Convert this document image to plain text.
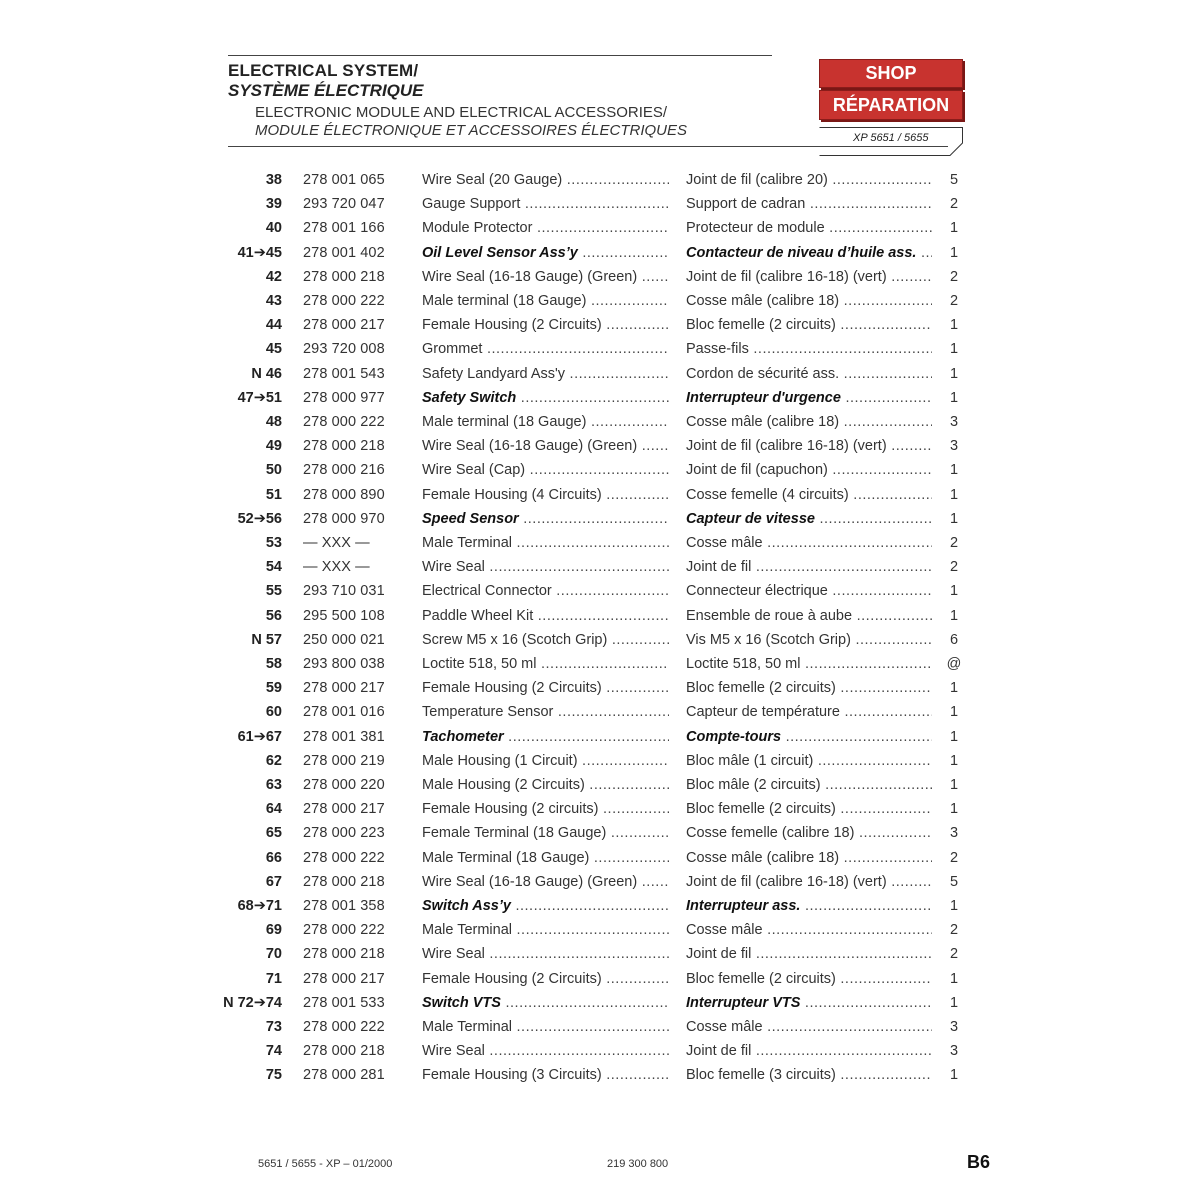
ELECTRICAL SYSTEM/
SYSTÈME ÉLECTRIQUE
ELECTRONIC MODULE AND ELECTRICAL ACCESSORIES/
MODULE ÉLECTRONIQUE ET ACCESSOIRES ÉLECTRIQUES
SHOP
RÉPARATION
XP 5651 / 5655
38 278 001 065	Wire Seal (20 Gauge) .....	Joint de fil (calibre 20) .....	5
39 293 720 047	Gauge Support .....	Support de cadran .....	2
40 278 001 166	Module Protector .....	Protecteur de module .....	1
41➔45 278 001 402	Oil Level Sensor Ass’y .....	Contacteur de niveau d’huile ass. .....	1
42 278 000 218	Wire Seal (16-18 Gauge) (Green) .....	Joint de fil (calibre 16-18) (vert) .....	2
43 278 000 222	Male terminal (18 Gauge) .....	Cosse mâle (calibre 18) .....	2
44 278 000 217	Female Housing (2 Circuits) .....	Bloc femelle (2 circuits) .....	1
45 293 720 008	Grommet .....	Passe-fils .....	1
N 46 278 001 543	Safety Landyard Ass'y .....	Cordon de sécurité ass. .....	1
47➔51 278 000 977	Safety Switch .....	Interrupteur d'urgence .....	1
48 278 000 222	Male terminal (18 Gauge) .....	Cosse mâle (calibre 18) .....	3
49 278 000 218	Wire Seal (16-18 Gauge) (Green) .....	Joint de fil (calibre 16-18) (vert) .....	3
50 278 000 216	Wire Seal (Cap) .....	Joint de fil (capuchon) .....	1
51 278 000 890	Female Housing (4 Circuits) .....	Cosse femelle (4 circuits) .....	1
52➔56 278 000 970	Speed Sensor .....	Capteur de vitesse .....	1
53 — XXX —	Male Terminal .....	Cosse mâle .....	2
54 — XXX —	Wire Seal .....	Joint de fil .....	2
55 293 710 031	Electrical Connector .....	Connecteur électrique .....	1
56 295 500 108	Paddle Wheel Kit .....	Ensemble de roue à aube .....	1
N 57 250 000 021	Screw M5 x 16 (Scotch Grip) .....	Vis M5 x 16 (Scotch Grip) .....	6
58 293 800 038	Loctite 518, 50 ml .....	Loctite 518, 50 ml .....	@
59 278 000 217	Female Housing (2 Circuits) .....	Bloc femelle (2 circuits) .....	1
60 278 001 016	Temperature Sensor .....	Capteur de température .....	1
61➔67 278 001 381	Tachometer .....	Compte-tours .....	1
62 278 000 219	Male Housing (1 Circuit) .....	Bloc mâle (1 circuit) .....	1
63 278 000 220	Male Housing (2 Circuits) .....	Bloc mâle (2 circuits) .....	1
64 278 000 217	Female Housing (2 circuits) .....	Bloc femelle (2 circuits) .....	1
65 278 000 223	Female Terminal (18 Gauge) .....	Cosse femelle (calibre 18) .....	3
66 278 000 222	Male Terminal (18 Gauge) .....	Cosse mâle (calibre 18) .....	2
67 278 000 218	Wire Seal (16-18 Gauge) (Green) .....	Joint de fil (calibre 16-18) (vert) .....	5
68➔71 278 001 358	Switch Ass’y .....	Interrupteur ass. .....	1
69 278 000 222	Male Terminal .....	Cosse mâle .....	2
70 278 000 218	Wire Seal .....	Joint de fil .....	2
71 278 000 217	Female Housing (2 Circuits) .....	Bloc femelle (2 circuits) .....	1
N 72➔74 278 001 533	Switch VTS .....	Interrupteur VTS .....	1
73 278 000 222	Male Terminal .....	Cosse mâle .....	3
74 278 000 218	Wire Seal .....	Joint de fil .....	3
75 278 000 281	Female Housing (3 Circuits) .....	Bloc femelle (3 circuits) .....	1
5651 / 5655 - XP – 01/2000	219 300 800	B6
